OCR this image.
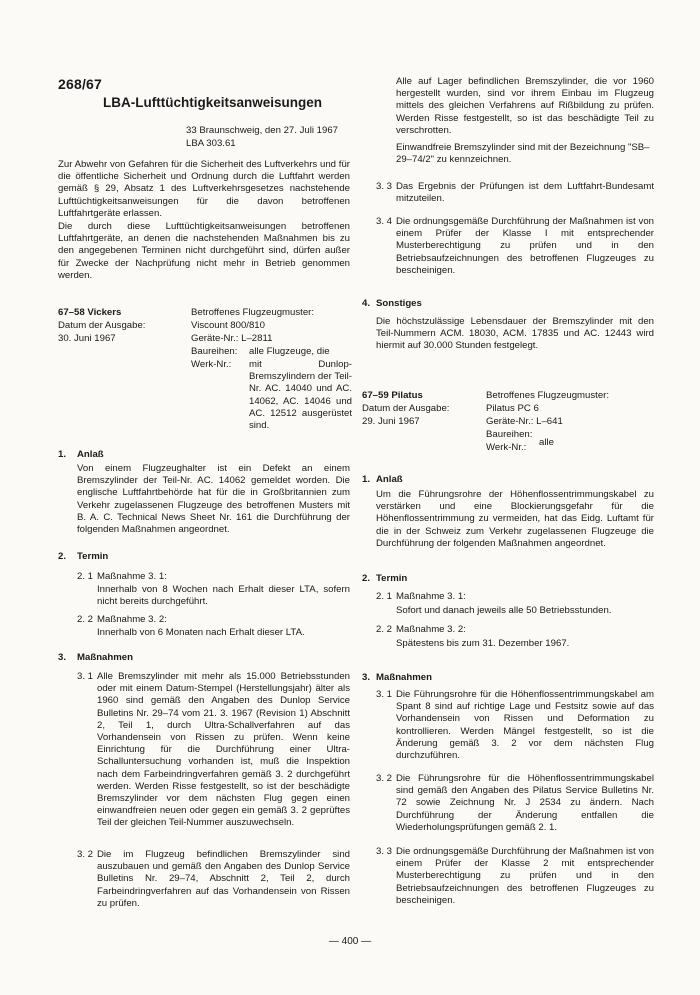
268/67
LBA-Lufttüchtigkeitsanweisungen
33 Braunschweig, den 27. Juli 1967
LBA 303.61
Zur Abwehr von Gefahren für die Sicherheit des Luftverkehrs und für die öffentliche Sicherheit und Ordnung durch die Luftfahrt werden gemäß § 29, Absatz 1 des Luftverkehrsgesetzes nachstehende Lufttüchtigkeitsanweisungen für die davon betroffenen Luftfahrtgeräte erlassen.
Die durch diese Lufttüchtigkeitsanweisungen betroffenen Luftfahrtgeräte, an denen die nachstehenden Maßnahmen bis zu den angegebenen Terminen nicht durchgeführt sind, dürfen außer für Zwecke der Nachprüfung nicht mehr in Betrieb genommen werden.
67–58 Vickers
Datum der Ausgabe:
30. Juni 1967
Betroffenes Flugzeugmuster:
Viscount 800/810
Geräte-Nr.: L–2811
Baureihen:	alle Flugzeuge, die
Werk-Nr.:	mit Dunlop-Bremszylindern der Teil-Nr. AC. 14040 und AC. 14062, AC. 14046 und AC. 12512 ausgerüstet sind.
1.	Anlaß
Von einem Flugzeughalter ist ein Defekt an einem Bremszylinder der Teil-Nr. AC. 14062 gemeldet worden. Die englische Luftfahrtbehörde hat für die in Großbritannien zum Verkehr zugelassenen Flugzeuge des betroffenen Musters mit B. A. C. Technical News Sheet Nr. 161 die Durchführung der folgenden Maßnahmen angeordnet.
2.	Termin
2. 1 Maßnahme 3. 1:
Innerhalb von 8 Wochen nach Erhalt dieser LTA, sofern nicht bereits durchgeführt.
2. 2 Maßnahme 3. 2:
Innerhalb von 6 Monaten nach Erhalt dieser LTA.
3.	Maßnahmen
3. 1 Alle Bremszylinder mit mehr als 15.000 Betriebsstunden oder mit einem Datum-Stempel (Herstellungsjahr) älter als 1960 sind gemäß den Angaben des Dunlop Service Bulletins Nr. 29–74 vom 21. 3. 1967 (Revision 1) Abschnitt 2, Teil 1, durch Ultra-Schallverfahren auf das Vorhandensein von Rissen zu prüfen. Wenn keine Einrichtung für die Durchführung einer Ultra-Schalluntersuchung vorhanden ist, muß die Inspektion nach dem Farbeindringverfahren gemäß 3. 2 durchgeführt werden. Werden Risse festgestellt, so ist der beschädigte Bremszylinder vor dem nächsten Flug gegen einen einwandfreien neuen oder gegen ein gemäß 3. 2 geprüftes Teil der gleichen Teil-Nummer auszuwechseln.
3. 2 Die im Flugzeug befindlichen Bremszylinder sind auszubauen und gemäß den Angaben des Dunlop Service Bulletins Nr. 29–74, Abschnitt 2, Teil 2, durch Farbeindringverfahren auf das Vorhandensein von Rissen zu prüfen.
Alle auf Lager befindlichen Bremszylinder, die vor 1960 hergestellt wurden, sind vor ihrem Einbau im Flugzeug mittels des gleichen Verfahrens auf Rißbildung zu prüfen. Werden Risse festgestellt, so ist das beschädigte Teil zu verschrotten.
Einwandfreie Bremszylinder sind mit der Bezeichnung "SB–29–74/2" zu kennzeichnen.
3. 3 Das Ergebnis der Prüfungen ist dem Luftfahrt-Bundesamt mitzuteilen.
3. 4 Die ordnungsgemäße Durchführung der Maßnahmen ist von einem Prüfer der Klasse I mit entsprechender Musterberechtigung zu prüfen und in den Betriebsaufzeichnungen des betroffenen Flugzeuges zu bescheinigen.
4. Sonstiges
Die höchstzulässige Lebensdauer der Bremszylinder mit den Teil-Nummern ACM. 18030, ACM. 17835 und AC. 12443 wird hiermit auf 30.000 Stunden festgelegt.
67–59 Pilatus
Datum der Ausgabe:
29. Juni 1967
Betroffenes Flugzeugmuster:
Pilatus PC 6
Geräte-Nr.: L–641
Baureihen:
Werk-Nr.:	alle
1. Anlaß
Um die Führungsrohre der Höhenflossentrimmungskabel zu verstärken und eine Blockierungsgefahr für die Höhenflossentrimmung zu vermeiden, hat das Eidg. Luftamt für die in der Schweiz zum Verkehr zugelassenen Flugzeuge die Durchführung der folgenden Maßnahmen angeordnet.
2. Termin
2. 1 Maßnahme 3. 1:
Sofort und danach jeweils alle 50 Betriebsstunden.
2. 2 Maßnahme 3. 2:
Spätestens bis zum 31. Dezember 1967.
3. Maßnahmen
3. 1 Die Führungsrohre für die Höhenflossentrimmungskabel am Spant 8 sind auf richtige Lage und Festsitz sowie auf das Vorhandensein von Rissen und Deformation zu kontrollieren. Werden Mängel festgestellt, so ist die Änderung gemäß 3. 2 vor dem nächsten Flug durchzuführen.
3. 2 Die Führungsrohre für die Höhenflossentrimmungskabel sind gemäß den Angaben des Pilatus Service Bulletins Nr. 72 sowie Zeichnung Nr. J 2534 zu ändern. Nach Durchführung der Änderung entfallen die Wiederholungsprüfungen gemäß 2. 1.
3. 3 Die ordnungsgemäße Durchführung der Maßnahmen ist von einem Prüfer der Klasse 2 mit entsprechender Musterberechtigung zu prüfen und in den Betriebsaufzeichnungen des betroffenen Flugzeuges zu bescheinigen.
— 400 —
